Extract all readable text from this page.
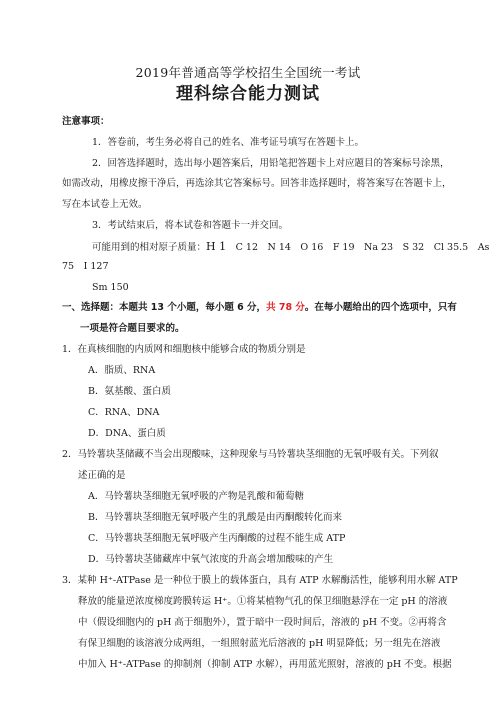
2019年普通高等学校招生全国统一考试
理科综合能力测试
注意事项：
1．答卷前，考生务必将自己的姓名、准考证号填写在答题卡上。
2．回答选择题时，选出每小题答案后，用铅笔把答题卡上对应题目的答案标号涂黑，
如需改动，用橡皮擦干净后，再选涂其它答案标号。回答非选择题时，将答案写在答题卡上，
写在本试卷上无效。
3．考试结束后，将本试卷和答题卡一并交回。
可能用到的相对原子质量：H 1　 C 12　N 14　O 16　F 19　Na 23　S 32　Cl 35.5　As
75　I 127
Sm 150
一、选择题：本题共 13 个小题，每小题 6 分，共 78 分。在每小题给出的四个选项中，只有
一项是符合题目要求的。
1．在真核细胞的内质网和细胞核中能够合成的物质分别是
A．脂质、RNA
B．氨基酸、蛋白质
C．RNA、DNA
D．DNA、蛋白质
2．马铃薯块茎储藏不当会出现酸味，这种现象与马铃薯块茎细胞的无氧呼吸有关。下列叙
述正确的是
A．马铃薯块茎细胞无氧呼吸的产物是乳酸和葡萄糖
B．马铃薯块茎细胞无氧呼吸产生的乳酸是由丙酮酸转化而来
C．马铃薯块茎细胞无氧呼吸产生丙酮酸的过程不能生成 ATP
D．马铃薯块茎储藏库中氧气浓度的升高会增加酸味的产生
3．某种 H⁺-ATPase 是一种位于膜上的载体蛋白，具有 ATP 水解酶活性，能够利用水解 ATP
释放的能量逆浓度梯度跨膜转运 H⁺。①将某植物气孔的保卫细胞悬浮在一定 pH 的溶液
中（假设细胞内的 pH 高于细胞外），置于暗中一段时间后，溶液的 pH 不变。②再将含
有保卫细胞的该溶液分成两组，一组照射蓝光后溶液的 pH 明显降低；另一组先在溶液
中加入 H⁺-ATPase 的抑制剂（抑制 ATP 水解），再用蓝光照射，溶液的 pH 不变。根据
